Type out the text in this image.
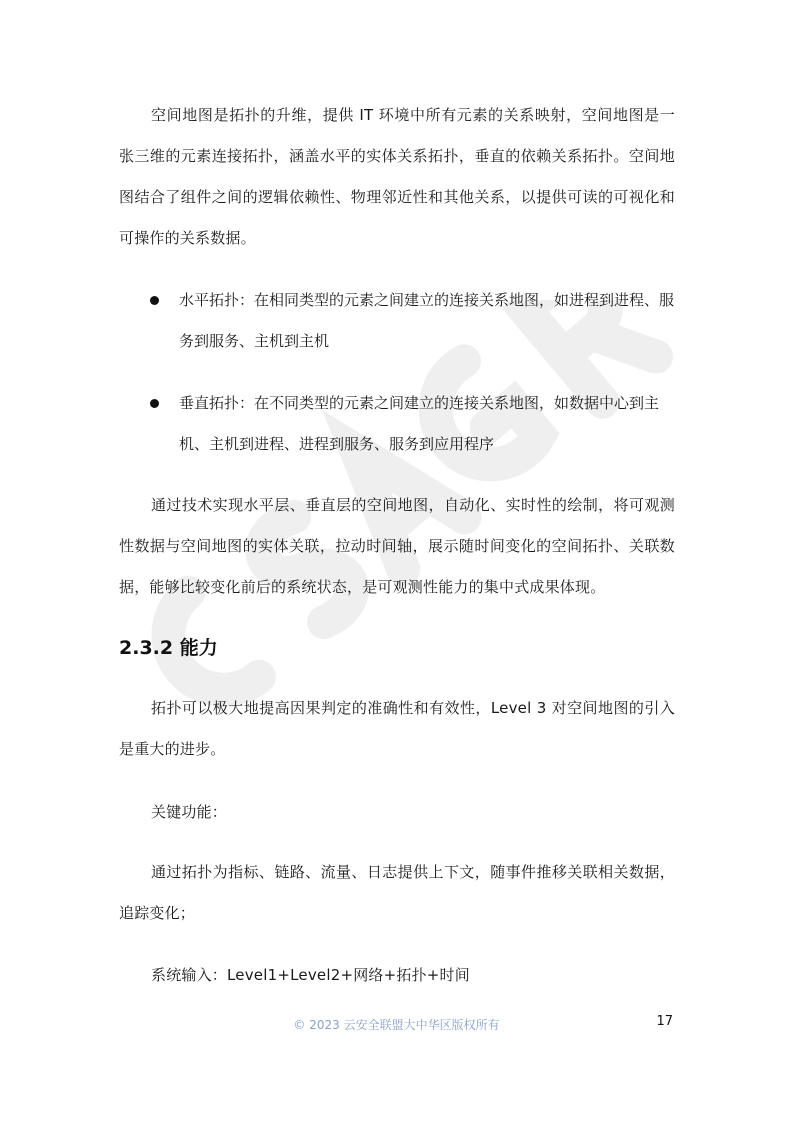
空间地图是拓扑的升维，提供 IT 环境中所有元素的关系映射，空间地图是一张三维的元素连接拓扑，涵盖水平的实体关系拓扑，垂直的依赖关系拓扑。空间地图结合了组件之间的逻辑依赖性、物理邻近性和其他关系，以提供可读的可视化和可操作的关系数据。

水平拓扑：在相同类型的元素之间建立的连接关系地图，如进程到进程、服务到服务、主机到主机
垂直拓扑：在不同类型的元素之间建立的连接关系地图，如数据中心到主机、主机到进程、进程到服务、服务到应用程序

通过技术实现水平层、垂直层的空间地图，自动化、实时性的绘制，将可观测性数据与空间地图的实体关联，拉动时间轴，展示随时间变化的空间拓扑、关联数据，能够比较变化前后的系统状态，是可观测性能力的集中式成果体现。

2.3.2 能力

拓扑可以极大地提高因果判定的准确性和有效性，Level 3 对空间地图的引入是重大的进步。

关键功能：

通过拓扑为指标、链路、流量、日志提供上下文，随事件推移关联相关数据，追踪变化；

系统输入：Level1+Level2+网络+拓扑+时间

© 2023 云安全联盟大中华区版权所有	17
